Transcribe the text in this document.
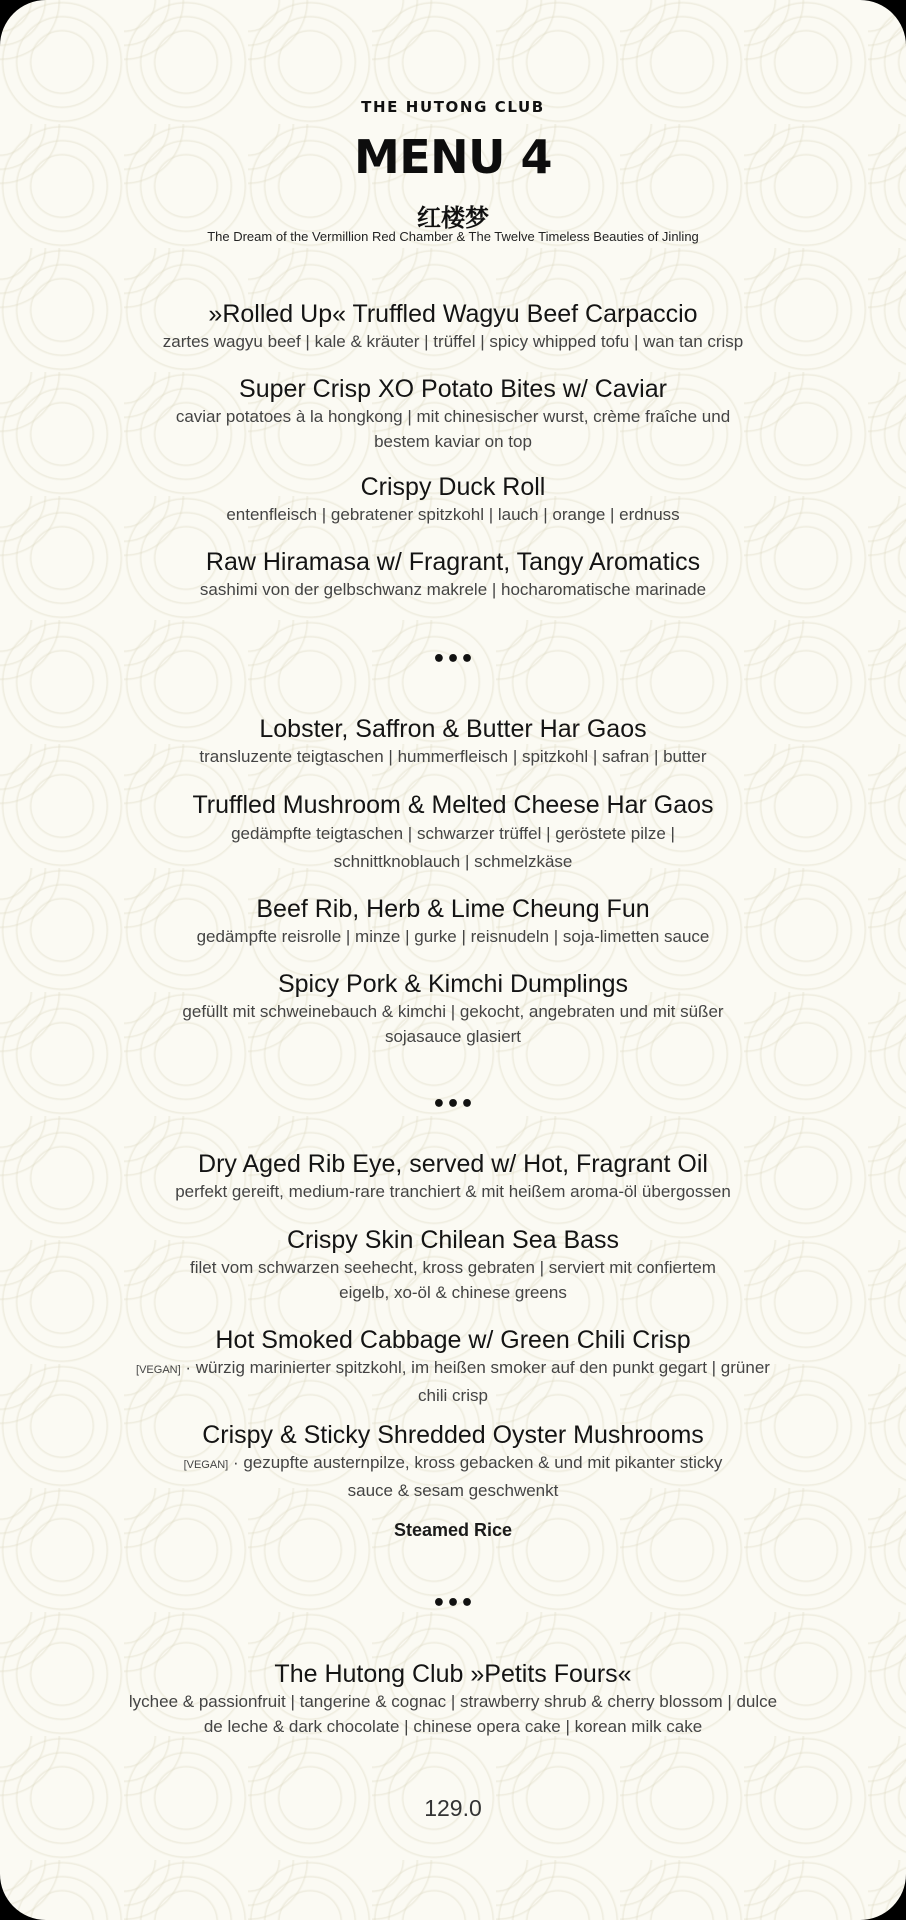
THE HUTONG CLUB
MENU 4
红楼梦
The Dream of the Vermillion Red Chamber & The Twelve Timeless Beauties of Jinling
»Rolled Up« Truffled Wagyu Beef Carpaccio
zartes wagyu beef | kale & kräuter | trüffel | spicy whipped tofu | wan tan crisp
Super Crisp XO Potato Bites w/ Caviar
caviar potatoes à la hongkong | mit chinesischer wurst, crème fraîche und bestem kaviar on top
Crispy Duck Roll
entenfleisch | gebratener spitzkohl | lauch | orange | erdnuss
Raw Hiramasa w/ Fragrant, Tangy Aromatics
sashimi von der gelbschwanz makrele | hocharomatische marinade
•••
Lobster, Saffron & Butter Har Gaos
transluzente teigtaschen | hummerfleisch | spitzkohl | safran | butter
Truffled Mushroom & Melted Cheese Har Gaos
gedämpfte teigtaschen | schwarzer trüffel | geröstete pilze | schnittknoblauch | schmelzkäse
Beef Rib, Herb & Lime Cheung Fun
gedämpfte reisrolle | minze | gurke | reisnudeln | soja-limetten sauce
Spicy Pork & Kimchi Dumplings
gefüllt mit schweinebauch & kimchi | gekocht, angebraten und mit süßer sojasauce glasiert
•••
Dry Aged Rib Eye, served w/ Hot, Fragrant Oil
perfekt gereift, medium-rare tranchiert & mit heißem aroma-öl übergossen
Crispy Skin Chilean Sea Bass
filet vom schwarzen seehecht, kross gebraten | serviert mit confiertem eigelb, xo-öl & chinese greens
Hot Smoked Cabbage w/ Green Chili Crisp
[VEGAN] · würzig marinierter spitzkohl, im heißen smoker auf den punkt gegart | grüner chili crisp
Crispy & Sticky Shredded Oyster Mushrooms
[VEGAN] · gezupfte austernpilze, kross gebacken & und mit pikanter sticky sauce & sesam geschwenkt
Steamed Rice
•••
The Hutong Club »Petits Fours«
lychee & passionfruit | tangerine & cognac | strawberry shrub & cherry blossom | dulce de leche & dark chocolate | chinese opera cake | korean milk cake
129.0
